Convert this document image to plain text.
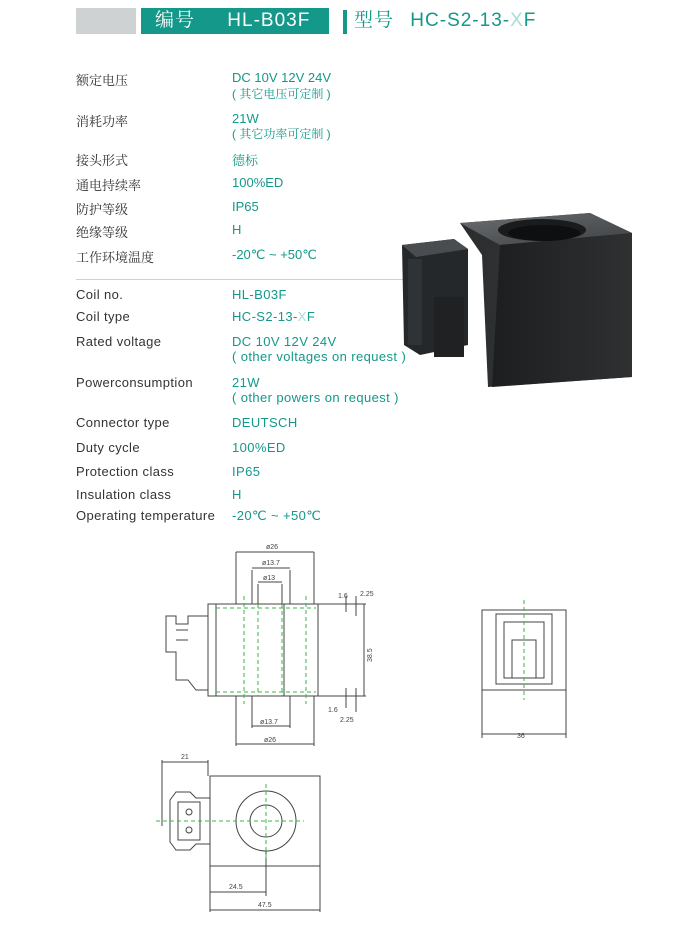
编号 HL-B03F	型号 HC-S2-13-XF
额定电压	DC 10V 12V 24V
( 其它电压可定制 )
消耗功率	21W
( 其它功率可定制 )
接头形式	德标
通电持续率	100%ED
防护等级	IP65
绝缘等级	H
工作环境温度	-20℃ ~ +50℃
Coil no.	HL-B03F
Coil type	HC-S2-13-XF
Rated voltage	DC 10V 12V 24V
( other voltages on request )
Powerconsumption	21W
( other powers on request )
Connector type	DEUTSCH
Duty cycle	100%ED
Protection class	IP65
Insulation class	H
Operating temperature -20℃ ~ +50℃
ø26
ø13.7
ø13
1.6 2.25
38.5
1.6
2.25
ø13.7
ø26
36
21
24.5
47.5
